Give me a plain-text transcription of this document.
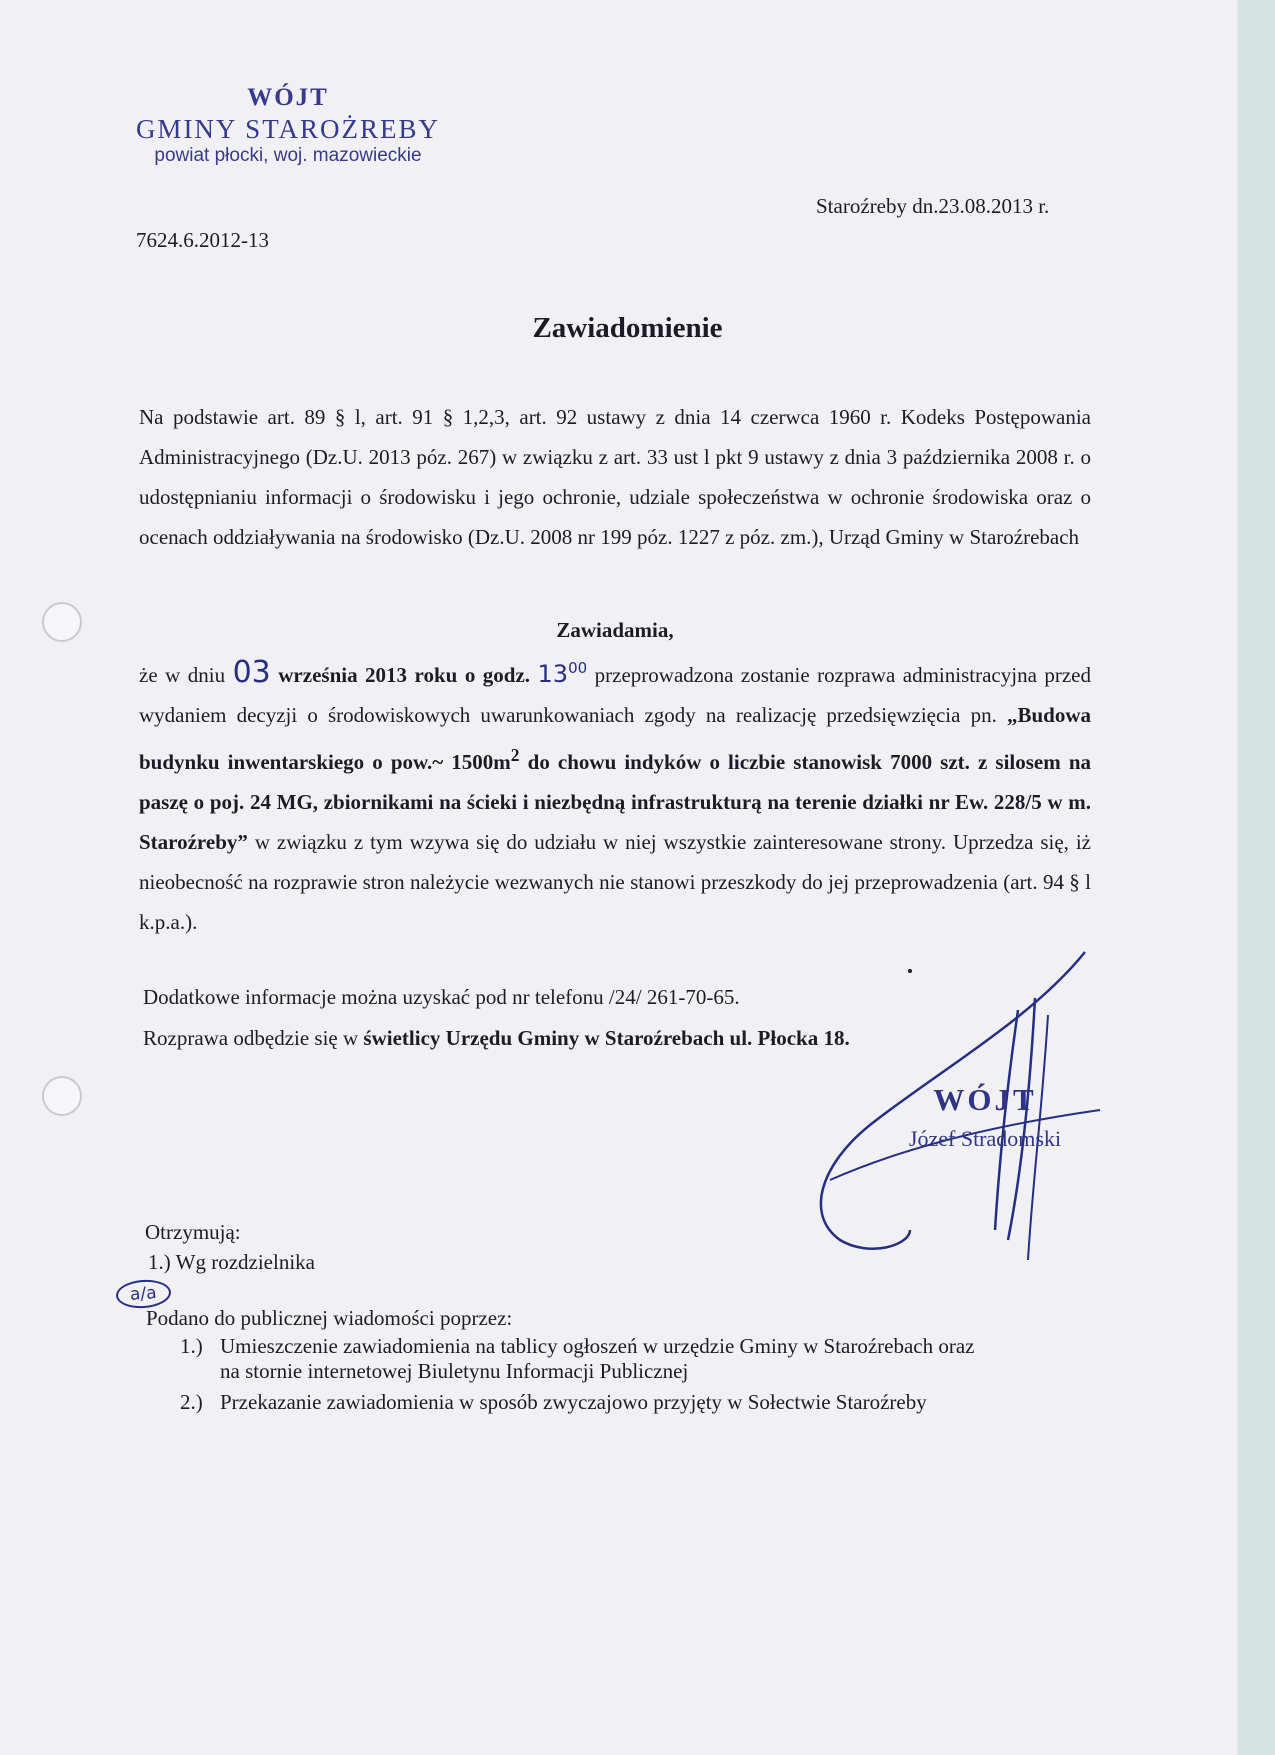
WÓJT
GMINY STAROŻREBY
powiat płocki, woj. mazowieckie
Staroźreby dn.23.08.2013 r.
7624.6.2012-13
Zawiadomienie
Na podstawie art. 89 § l, art. 91 § 1,2,3, art. 92 ustawy z dnia 14 czerwca 1960 r. Kodeks Postępowania Administracyjnego (Dz.U. 2013 póz. 267) w związku z art. 33 ust l pkt 9 ustawy z dnia 3 października 2008 r. o udostępnianiu informacji o środowisku i jego ochronie, udziale społeczeństwa w ochronie środowiska oraz o ocenach oddziaływania na środowisko (Dz.U. 2008 nr 199 póz. 1227 z póz. zm.), Urząd Gminy w Staroźrebach
Zawiadamia,
że w dniu 03 września 2013 roku o godz. $13^{00}$ przeprowadzona zostanie rozprawa administracyjna przed wydaniem decyzji o środowiskowych uwarunkowaniach zgody na realizację przedsięwzięcia pn. „Budowa budynku inwentarskiego o pow.~ $1500m^2$ do chowu indyków o liczbie stanowisk 7000 szt. z silosem na paszę o poj. 24 MG, zbiornikami na ścieki i niezbędną infrastrukturą na terenie działki nr Ew. 228/5 w m. Staroźreby” w związku z tym wzywa się do udziału w niej wszystkie zainteresowane strony. Uprzedza się, iż nieobecność na rozprawie stron należycie wezwanych nie stanowi przeszkody do jej przeprowadzenia (art. 94 § l k.p.a.).
Dodatkowe informacje można uzyskać pod nr telefonu /24/ 261-70-65.
Rozprawa odbędzie się w świetlicy Urzędu Gminy w Staroźrebach ul. Płocka 18.
WÓJT
Józef Stradomski
Otrzymują:
1.) Wg rozdzielnika
a/a
Podano do publicznej wiadomości poprzez:
1.) Umieszczenie zawiadomienia na tablicy ogłoszeń w urzędzie Gminy w Staroźrebach oraz
na stornie internetowej Biuletynu Informacji Publicznej
2.) Przekazanie zawiadomienia w sposób zwyczajowo przyjęty w Sołectwie Staroźreby
